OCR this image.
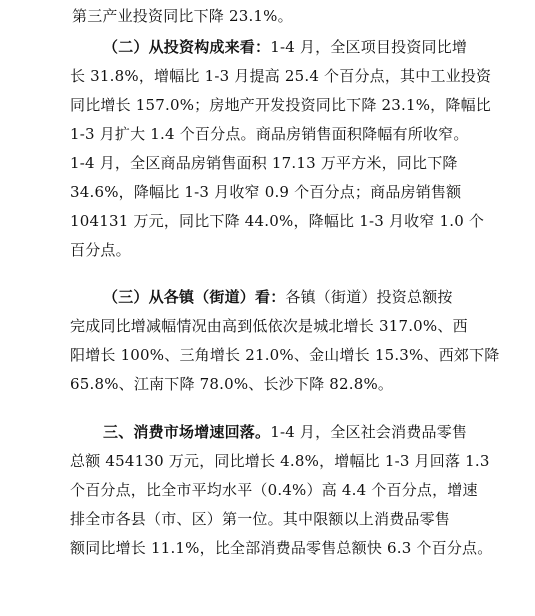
第三产业投资同比下降 23.1%。
（二）从投资构成来看：1-4 月，全区项目投资同比增
长 31.8%，增幅比 1-3 月提高 25.4 个百分点，其中工业投资
同比增长 157.0%；房地产开发投资同比下降 23.1%，降幅比
1-3 月扩大 1.4 个百分点。商品房销售面积降幅有所收窄。
1-4 月，全区商品房销售面积 17.13 万平方米，同比下降
34.6%，降幅比 1-3 月收窄 0.9 个百分点；商品房销售额
104131 万元，同比下降 44.0%，降幅比 1-3 月收窄 1.0 个
百分点。
（三）从各镇（街道）看：各镇（街道）投资总额按
完成同比增减幅情况由高到低依次是城北增长 317.0%、西
阳增长 100%、三角增长 21.0%、金山增长 15.3%、西郊下降
65.8%、江南下降 78.0%、长沙下降 82.8%。
三、消费市场增速回落。1-4 月，全区社会消费品零售
总额 454130 万元，同比增长 4.8%，增幅比 1-3 月回落 1.3
个百分点，比全市平均水平（0.4%）高 4.4 个百分点，增速
排全市各县（市、区）第一位。其中限额以上消费品零售
额同比增长 11.1%，比全部消费品零售总额快 6.3 个百分点。
